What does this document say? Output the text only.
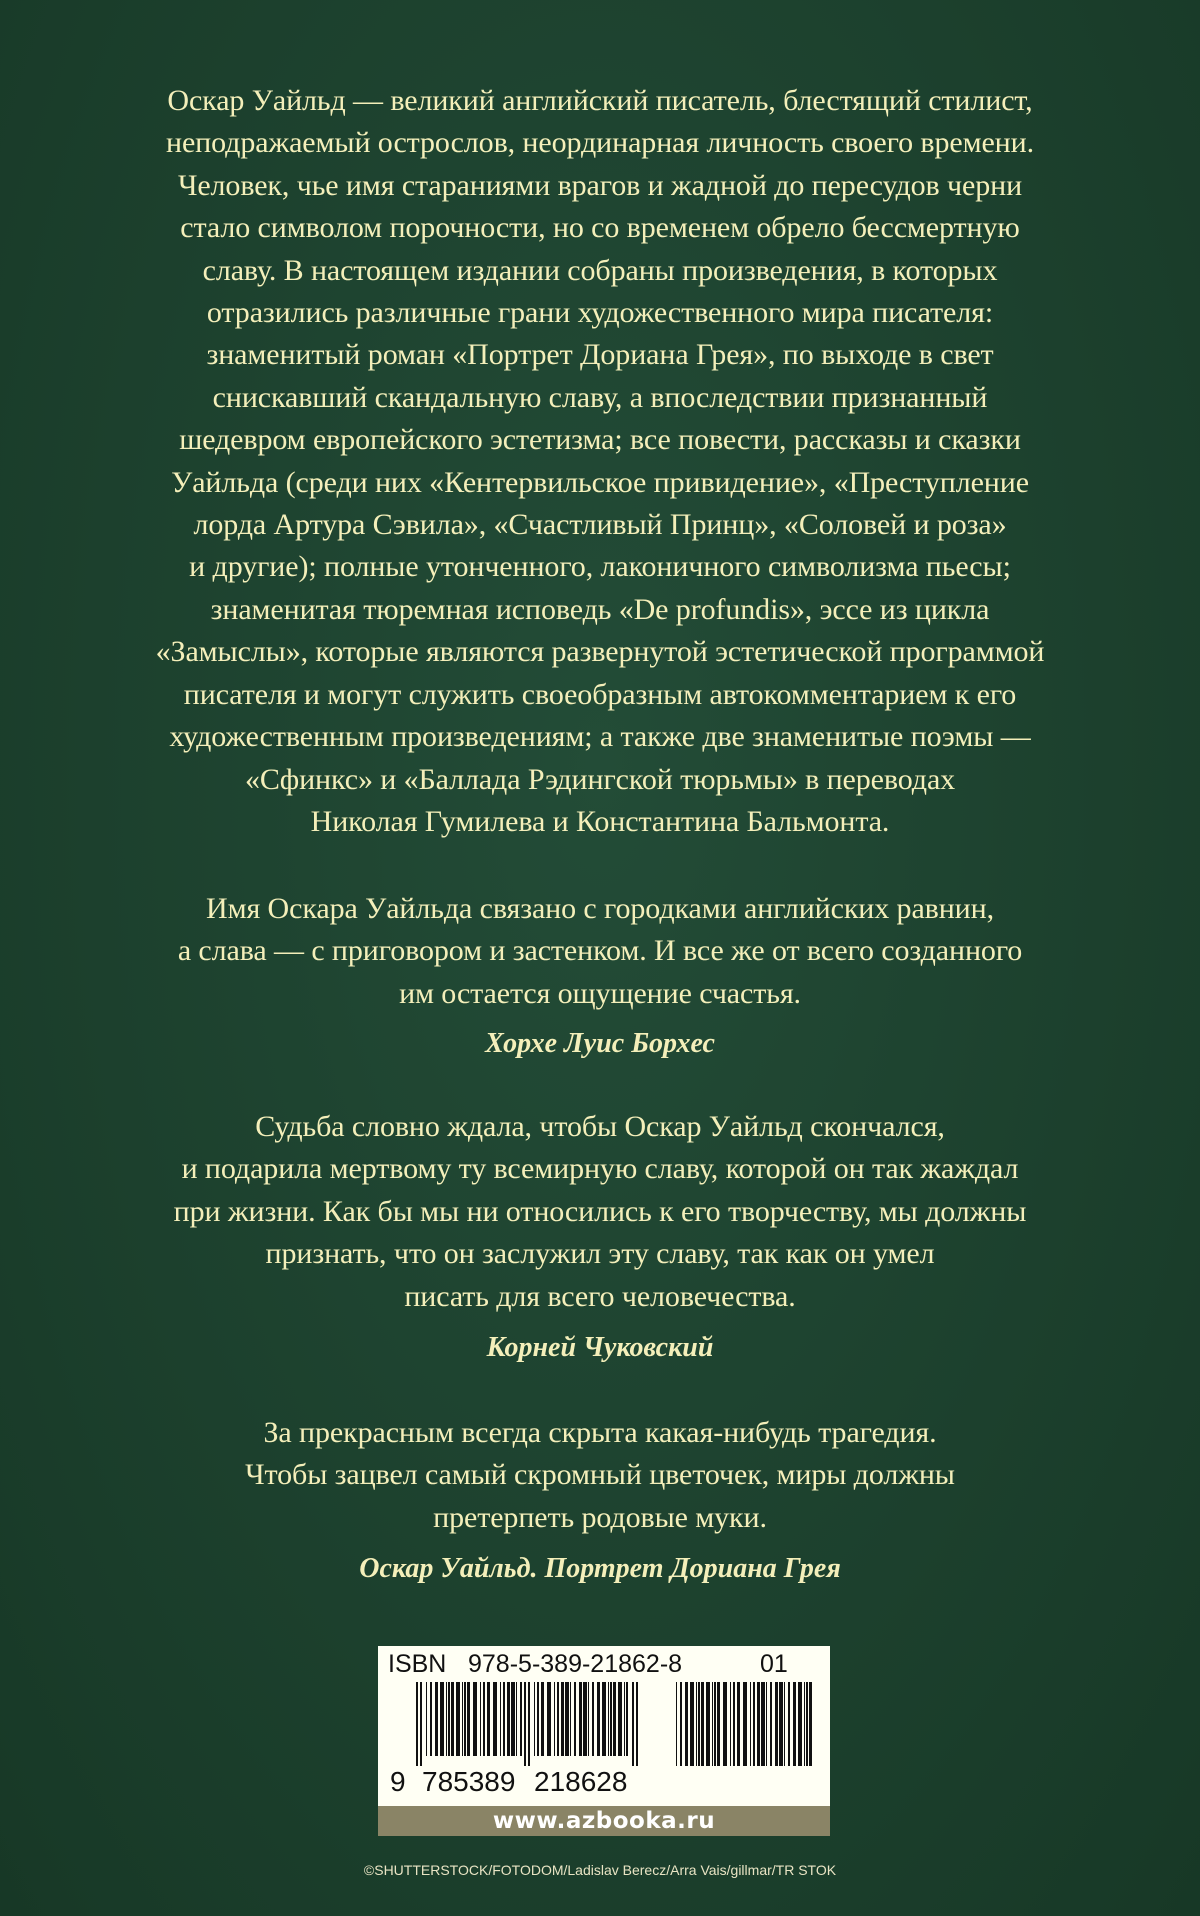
Оскар Уайльд — великий английский писатель, блестящий стилист,
неподражаемый острослов, неординарная личность своего времени.
Человек, чье имя стараниями врагов и жадной до пересудов черни
стало символом порочности, но со временем обрело бессмертную
славу. В настоящем издании собраны произведения, в которых
отразились различные грани художественного мира писателя:
знаменитый роман «Портрет Дориана Грея», по выходе в свет
снискавший скандальную славу, а впоследствии признанный
шедевром европейского эстетизма; все повести, рассказы и сказки
Уайльда (среди них «Кентервильское привидение», «Преступление
лорда Артура Сэвила», «Счастливый Принц», «Соловей и роза»
и другие); полные утонченного, лаконичного символизма пьесы;
знаменитая тюремная исповедь «De profundis», эссе из цикла
«Замыслы», которые являются развернутой эстетической программой
писателя и могут служить своеобразным автокомментарием к его
художественным произведениям; а также две знаменитые поэмы —
«Сфинкс» и «Баллада Рэдингской тюрьмы» в переводах
Николая Гумилева и Константина Бальмонта.
Имя Оскара Уайльда связано с городками английских равнин,
а слава — с приговором и застенком. И все же от всего созданного
им остается ощущение счастья.
Хорхе Луис Борхес
Судьба словно ждала, чтобы Оскар Уайльд скончался,
и подарила мертвому ту всемирную славу, которой он так жаждал
при жизни. Как бы мы ни относились к его творчеству, мы должны
признать, что он заслужил эту славу, так как он умел
писать для всего человечества.
Корней Чуковский
За прекрасным всегда скрыта какая-нибудь трагедия.
Чтобы зацвел самый скромный цветочек, миры должны
претерпеть родовые муки.
Оскар Уайльд. Портрет Дориана Грея
ISBN 978-5-389-21862-8	01
9 785389 218628
www.azbooka.ru
©SHUTTERSTOCK/FOTODOM/Ladislav Berecz/Arra Vais/gillmar/TR STOK
